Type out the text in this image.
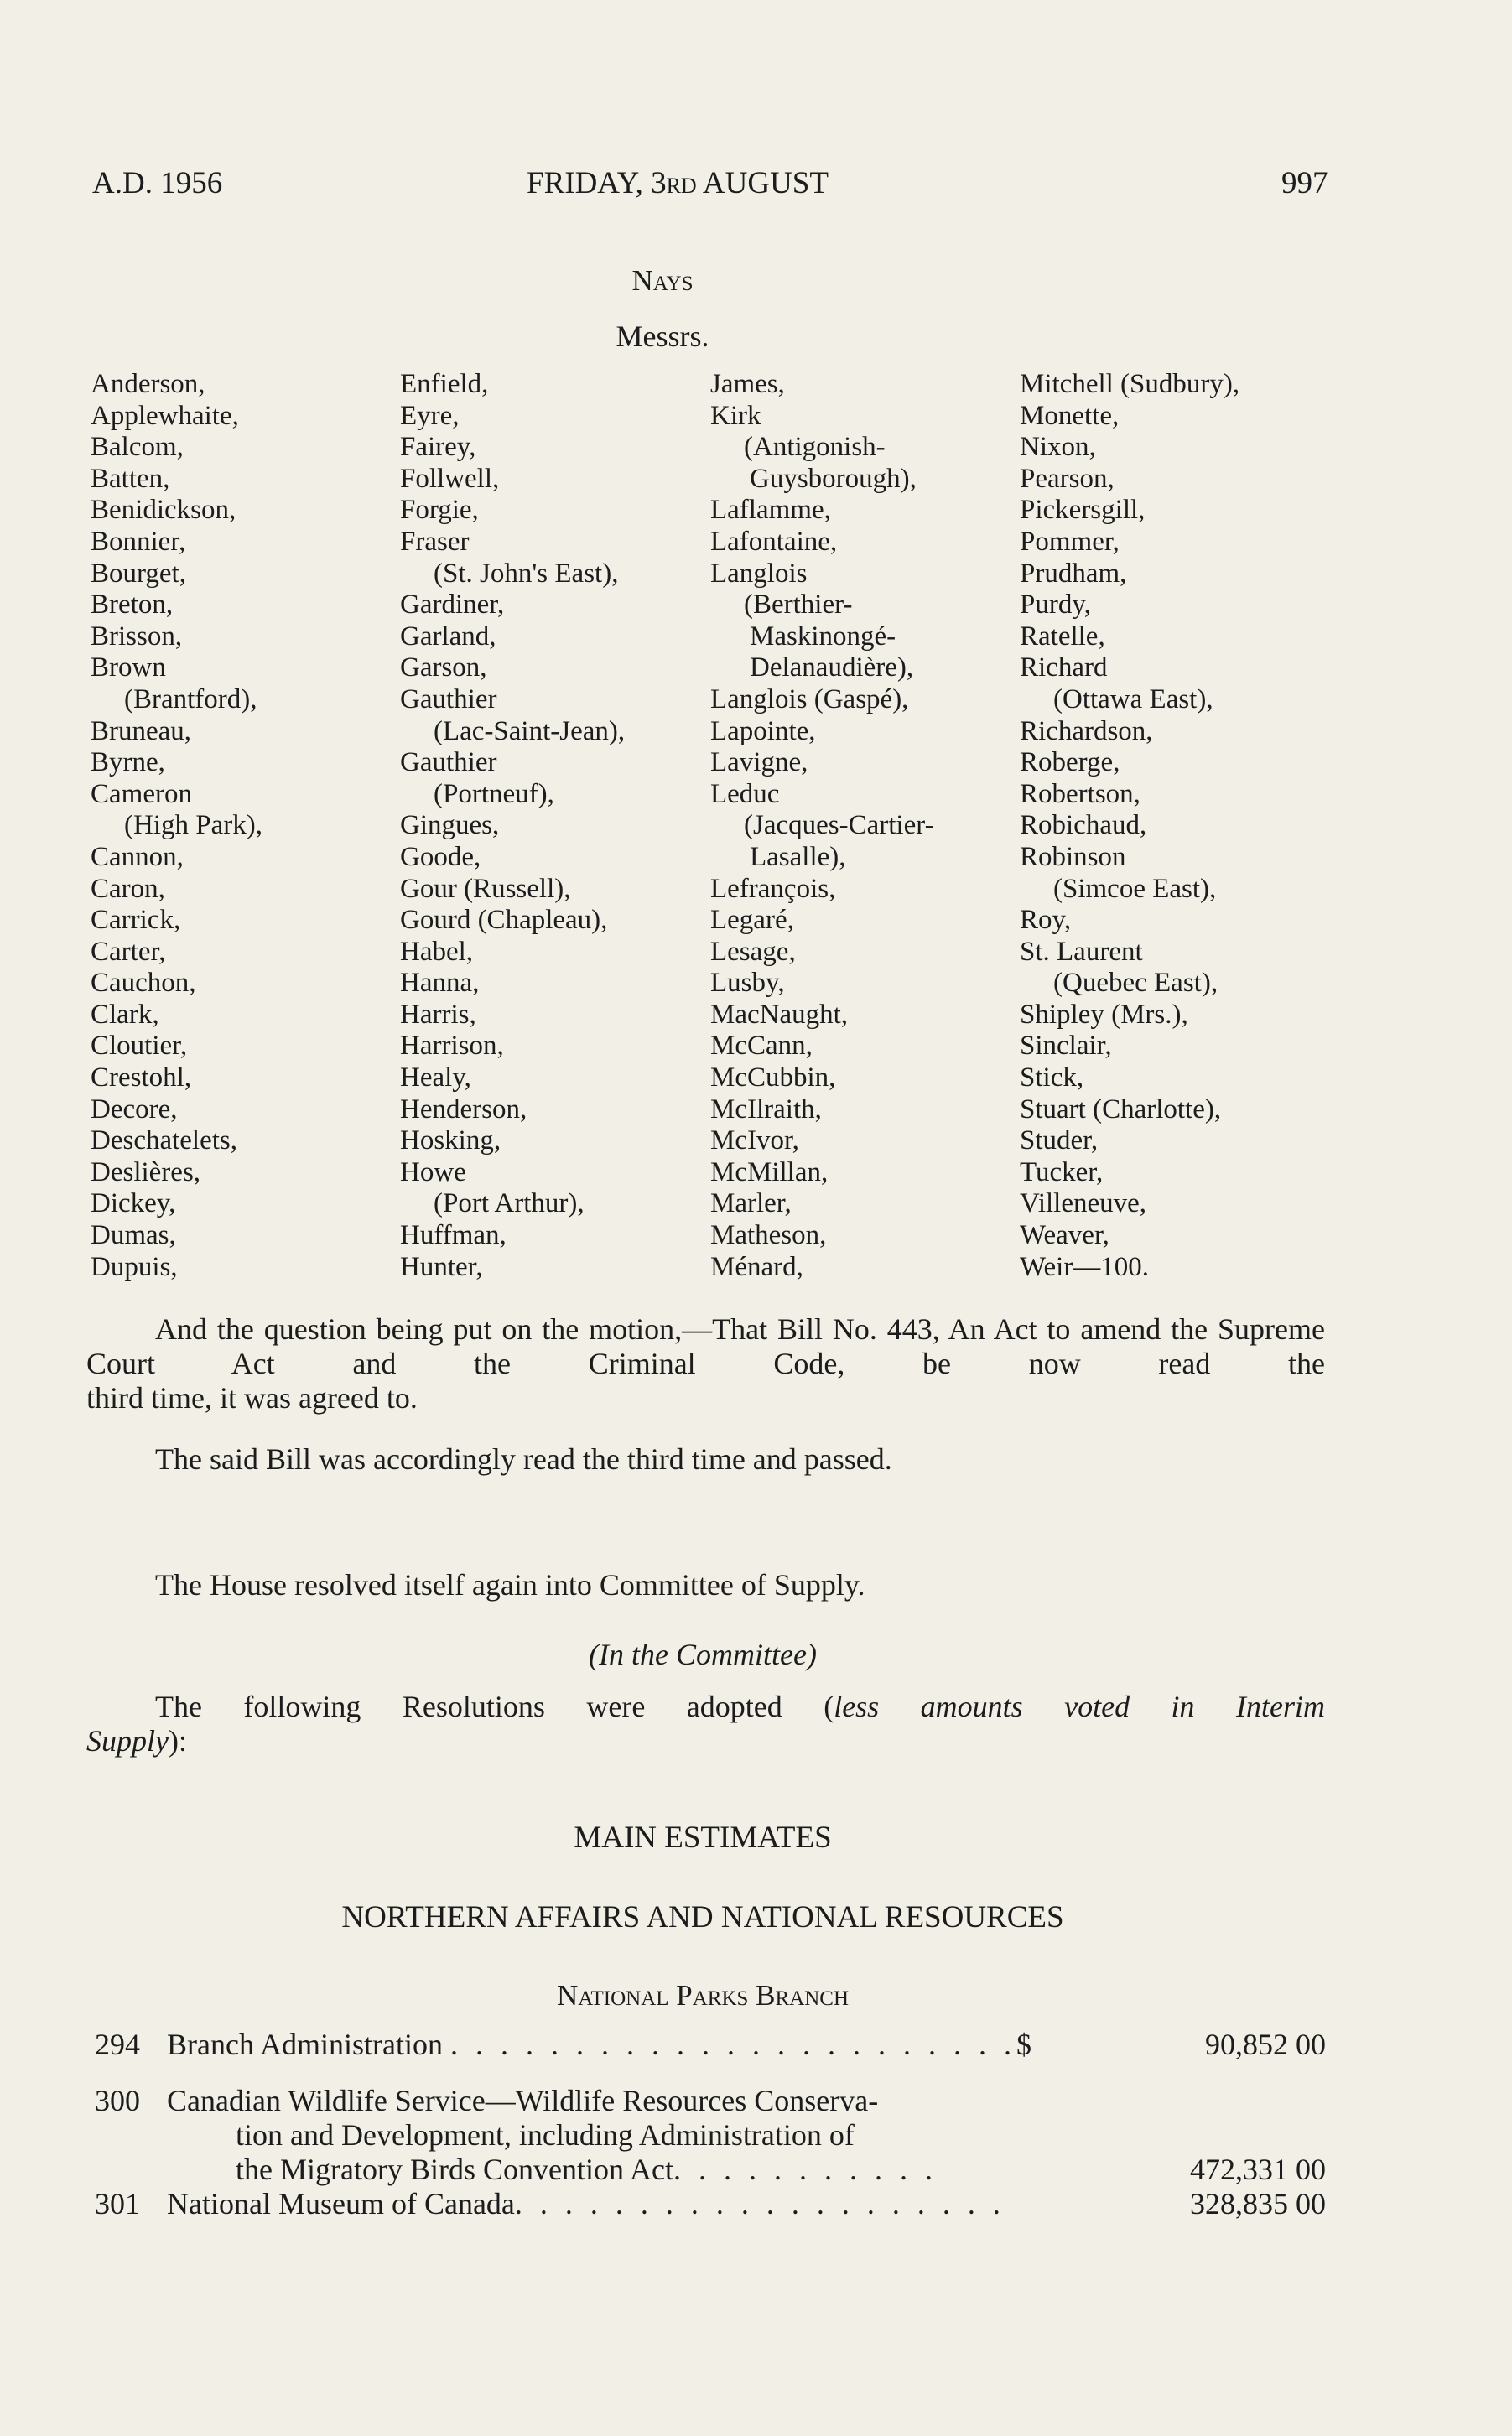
A.D. 1956	FRIDAY, 3rd AUGUST	997
Nays
Messrs.
Anderson,
Applewhaite,
Balcom,
Batten,
Benidickson,
Bonnier,
Bourget,
Breton,
Brisson,
Brown
(Brantford),
Bruneau,
Byrne,
Cameron
(High Park),
Cannon,
Caron,
Carrick,
Carter,
Cauchon,
Clark,
Cloutier,
Crestohl,
Decore,
Deschatelets,
Deslières,
Dickey,
Dumas,
Dupuis,
Enfield,
Eyre,
Fairey,
Follwell,
Forgie,
Fraser
(St. John's East),
Gardiner,
Garland,
Garson,
Gauthier
(Lac-Saint-Jean),
Gauthier
(Portneuf),
Gingues,
Goode,
Gour (Russell),
Gourd (Chapleau),
Habel,
Hanna,
Harris,
Harrison,
Healy,
Henderson,
Hosking,
Howe
(Port Arthur),
Huffman,
Hunter,
James,
Kirk
(Antigonish-
Guysborough),
Laflamme,
Lafontaine,
Langlois
(Berthier-
Maskinongé-
Delanaudière),
Langlois (Gaspé),
Lapointe,
Lavigne,
Leduc
(Jacques-Cartier-
Lasalle),
Lefrançois,
Legaré,
Lesage,
Lusby,
MacNaught,
McCann,
McCubbin,
McIlraith,
McIvor,
McMillan,
Marler,
Matheson,
Ménard,
Mitchell (Sudbury),
Monette,
Nixon,
Pearson,
Pickersgill,
Pommer,
Prudham,
Purdy,
Ratelle,
Richard
(Ottawa East),
Richardson,
Roberge,
Robertson,
Robichaud,
Robinson
(Simcoe East),
Roy,
St. Laurent
(Quebec East),
Shipley (Mrs.),
Sinclair,
Stick,
Stuart (Charlotte),
Studer,
Tucker,
Villeneuve,
Weaver,
Weir—100.
And the question being put on the motion,—That Bill No. 443, An Act to amend the Supreme Court Act and the Criminal Code, be now read the
third time, it was agreed to.
The said Bill was accordingly read the third time and passed.
The House resolved itself again into Committee of Supply.
(In the Committee)
The following Resolutions were adopted (less amounts voted in Interim
Supply):
MAIN ESTIMATES
NORTHERN AFFAIRS AND NATIONAL RESOURCES
National Parks Branch
294 Branch Administration . . . . . . . . . . . . . . . . . . . . . . .$	90,852 00
300 Canadian Wildlife Service—Wildlife Resources Conserva-
tion and Development, including Administration of
the Migratory Birds Convention Act. . . . . . . . . . .	472,331 00
301 National Museum of Canada. . . . . . . . . . . . . . . . . . . .	328,835 00
